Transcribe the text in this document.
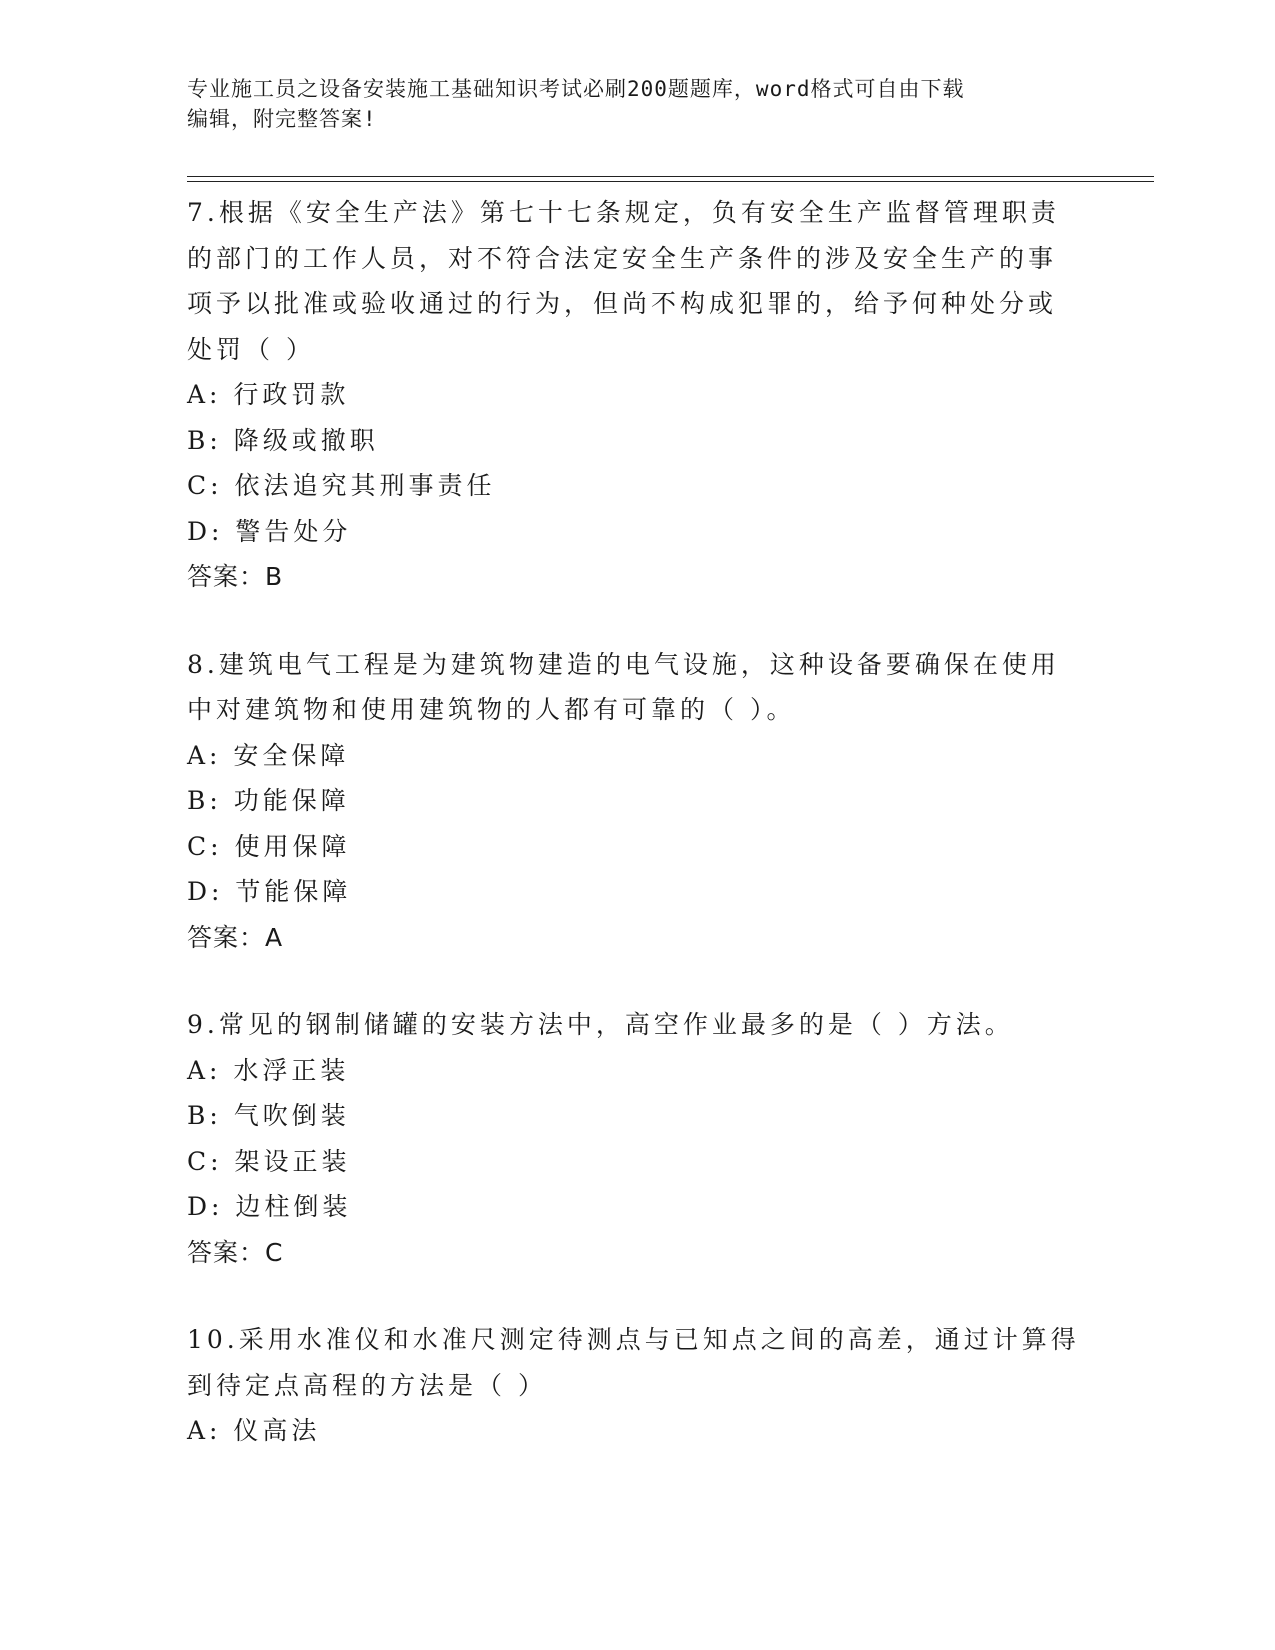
专业施工员之设备安装施工基础知识考试必刷200题题库，word格式可自由下载
编辑，附完整答案!
7.根据《安全生产法》第七十七条规定，负有安全生产监督管理职责
的部门的工作人员，对不符合法定安全生产条件的涉及安全生产的事
项予以批准或验收通过的行为，但尚不构成犯罪的，给予何种处分或
处罚（ ）
A: 行政罚款
B: 降级或撤职
C: 依法追究其刑事责任
D: 警告处分
答案：B
8.建筑电气工程是为建筑物建造的电气设施，这种设备要确保在使用
中对建筑物和使用建筑物的人都有可靠的（ ）。
A: 安全保障
B: 功能保障
C: 使用保障
D: 节能保障
答案：A
9.常见的钢制储罐的安装方法中，高空作业最多的是（ ）方法。
A: 水浮正装
B: 气吹倒装
C: 架设正装
D: 边柱倒装
答案：C
10.采用水准仪和水准尺测定待测点与已知点之间的高差，通过计算得
到待定点高程的方法是（ ）
A: 仪高法
